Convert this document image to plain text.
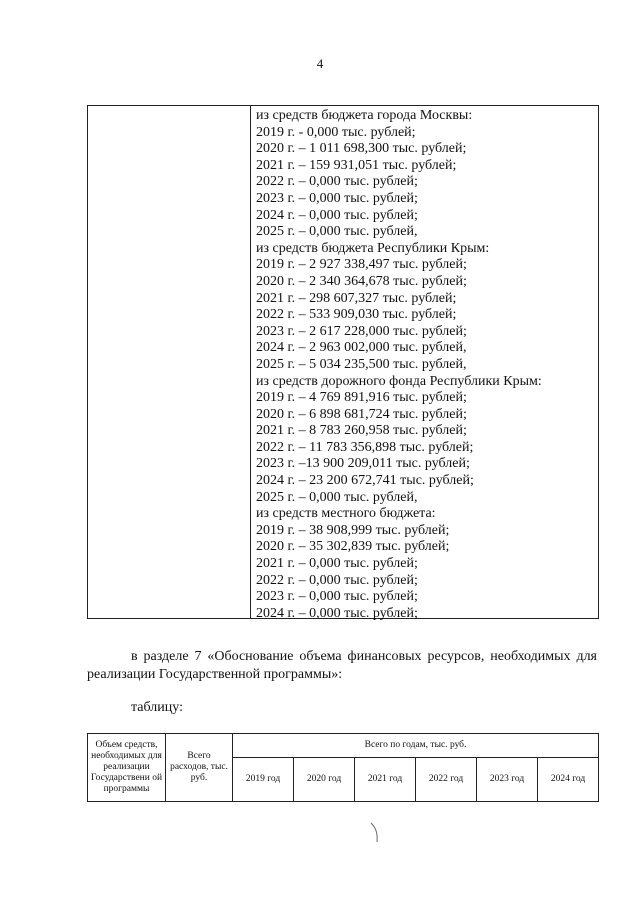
4
из средств бюджета города Москвы:
2019 г. - 0,000 тыс. рублей;
2020 г. – 1 011 698,300 тыс. рублей;
2021 г. – 159 931,051 тыс. рублей;
2022 г. – 0,000 тыс. рублей;
2023 г. – 0,000 тыс. рублей;
2024 г. – 0,000 тыс. рублей;
2025 г. – 0,000 тыс. рублей,
из средств бюджета Республики Крым:
2019 г. – 2 927 338,497 тыс. рублей;
2020 г. – 2 340 364,678 тыс. рублей;
2021 г. – 298 607,327 тыс. рублей;
2022 г. – 533 909,030 тыс. рублей;
2023 г. – 2 617 228,000 тыс. рублей;
2024 г. – 2 963 002,000 тыс. рублей,
2025 г. – 5 034 235,500 тыс. рублей,
из средств дорожного фонда Республики Крым:
2019 г. – 4 769 891,916 тыс. рублей;
2020 г. – 6 898 681,724 тыс. рублей;
2021 г. – 8 783 260,958 тыс. рублей;
2022 г. – 11 783 356,898 тыс. рублей;
2023 г. –13 900 209,011 тыс. рублей;
2024 г. – 23 200 672,741 тыс. рублей;
2025 г. – 0,000 тыс. рублей,
из средств местного бюджета:
2019 г. – 38 908,999 тыс. рублей;
2020 г. – 35 302,839 тыс. рублей;
2021 г. – 0,000 тыс. рублей;
2022 г. – 0,000 тыс. рублей;
2023 г. – 0,000 тыс. рублей;
2024 г. – 0,000 тыс. рублей;
в разделе 7 «Обоснование объема финансовых ресурсов, необходимых для реализации Государственной программы»:
таблицу:
Объем средств, необходимых для реализации Государствени ой программы	Всего расходов, тыс. руб.	Всего по годам, тыс. руб.					
		2019 год	2020 год	2021 год	2022 год	2023 год	2024 год
